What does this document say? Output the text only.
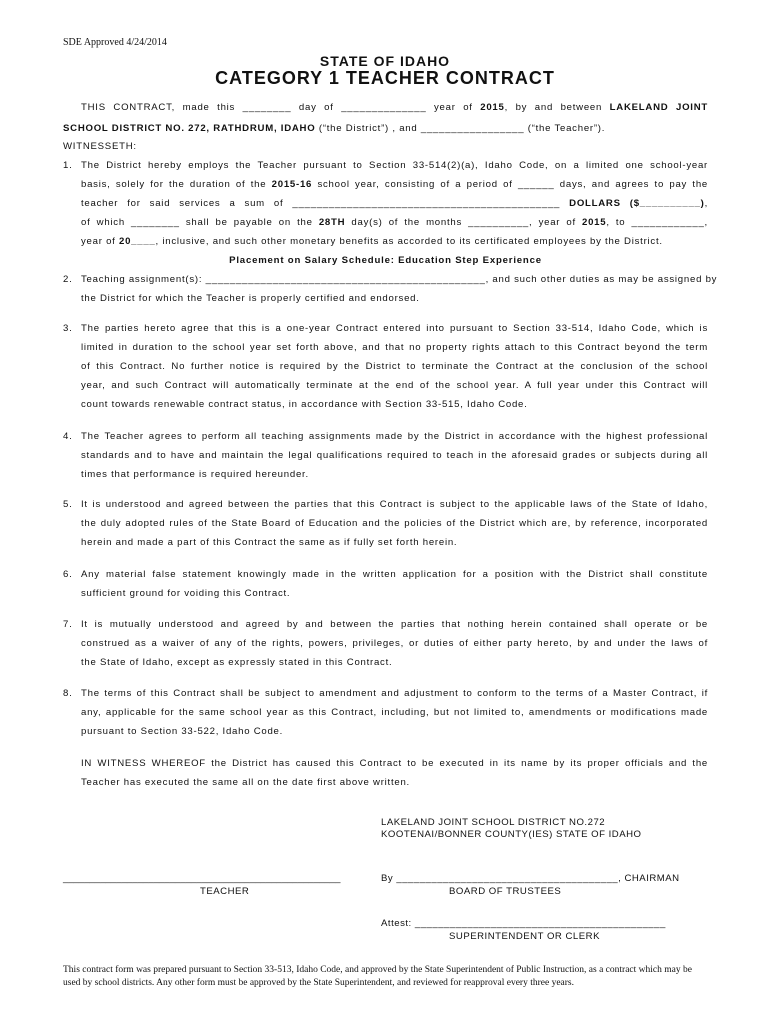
SDE Approved 4/24/2014
STATE OF IDAHO
CATEGORY 1 TEACHER CONTRACT
THIS CONTRACT, made this ________ day of ______________ year of 2015, by and between LAKELAND JOINT
SCHOOL DISTRICT NO. 272, RATHDRUM, IDAHO (“the District”) , and _________________ (“the Teacher”).
WITNESSETH:
1. The District hereby employs the Teacher pursuant to Section 33-514(2)(a), Idaho Code, on a limited one school-year
basis, solely for the duration of the 2015-16 school year, consisting of a period of ______ days, and agrees to pay the
teacher for said services a sum of ____________________________________________ DOLLARS ($__________),
of which ________ shall be payable on the 28TH day(s) of the months __________, year of 2015, to ____________,
year of 20____, inclusive, and such other monetary benefits as accorded to its certificated employees by the District.
Placement on Salary Schedule: Education Step Experience
2. Teaching assignment(s): ______________________________________________, and such other duties as may be assigned by
the District for which the Teacher is properly certified and endorsed.
3. The parties hereto agree that this is a one-year Contract entered into pursuant to Section 33-514, Idaho Code, which is
limited in duration to the school year set forth above, and that no property rights attach to this Contract beyond the term
of this Contract. No further notice is required by the District to terminate the Contract at the conclusion of the school
year, and such Contract will automatically terminate at the end of the school year. A full year under this Contract will
count towards renewable contract status, in accordance with Section 33-515, Idaho Code.
4. The Teacher agrees to perform all teaching assignments made by the District in accordance with the highest professional
standards and to have and maintain the legal qualifications required to teach in the aforesaid grades or subjects during all
times that performance is required hereunder.
5. It is understood and agreed between the parties that this Contract is subject to the applicable laws of the State of Idaho,
the duly adopted rules of the State Board of Education and the policies of the District which are, by reference, incorporated
herein and made a part of this Contract the same as if fully set forth herein.
6. Any material false statement knowingly made in the written application for a position with the District shall constitute
sufficient ground for voiding this Contract.
7. It is mutually understood and agreed by and between the parties that nothing herein contained shall operate or be
construed as a waiver of any of the rights, powers, privileges, or duties of either party hereto, by and under the laws of
the State of Idaho, except as expressly stated in this Contract.
8. The terms of this Contract shall be subject to amendment and adjustment to conform to the terms of a Master Contract, if
any, applicable for the same school year as this Contract, including, but not limited to, amendments or modifications made
pursuant to Section 33-522, Idaho Code.
IN WITNESS WHEREOF the District has caused this Contract to be executed in its name by its proper officials and the
Teacher has executed the same all on the date first above written.
LAKELAND JOINT SCHOOL DISTRICT NO.272
KOOTENAI/BONNER COUNTY(IES) STATE OF IDAHO
____________________________________________________
TEACHER
By ______________________________________, CHAIRMAN
BOARD OF TRUSTEES
Attest: ___________________________________________
SUPERINTENDENT OR CLERK
This contract form was prepared pursuant to Section 33-513, Idaho Code, and approved by the State Superintendent of Public Instruction, as a contract which may be used by school districts. Any other form must be approved by the State Superintendent, and reviewed for reapproval every three years.
